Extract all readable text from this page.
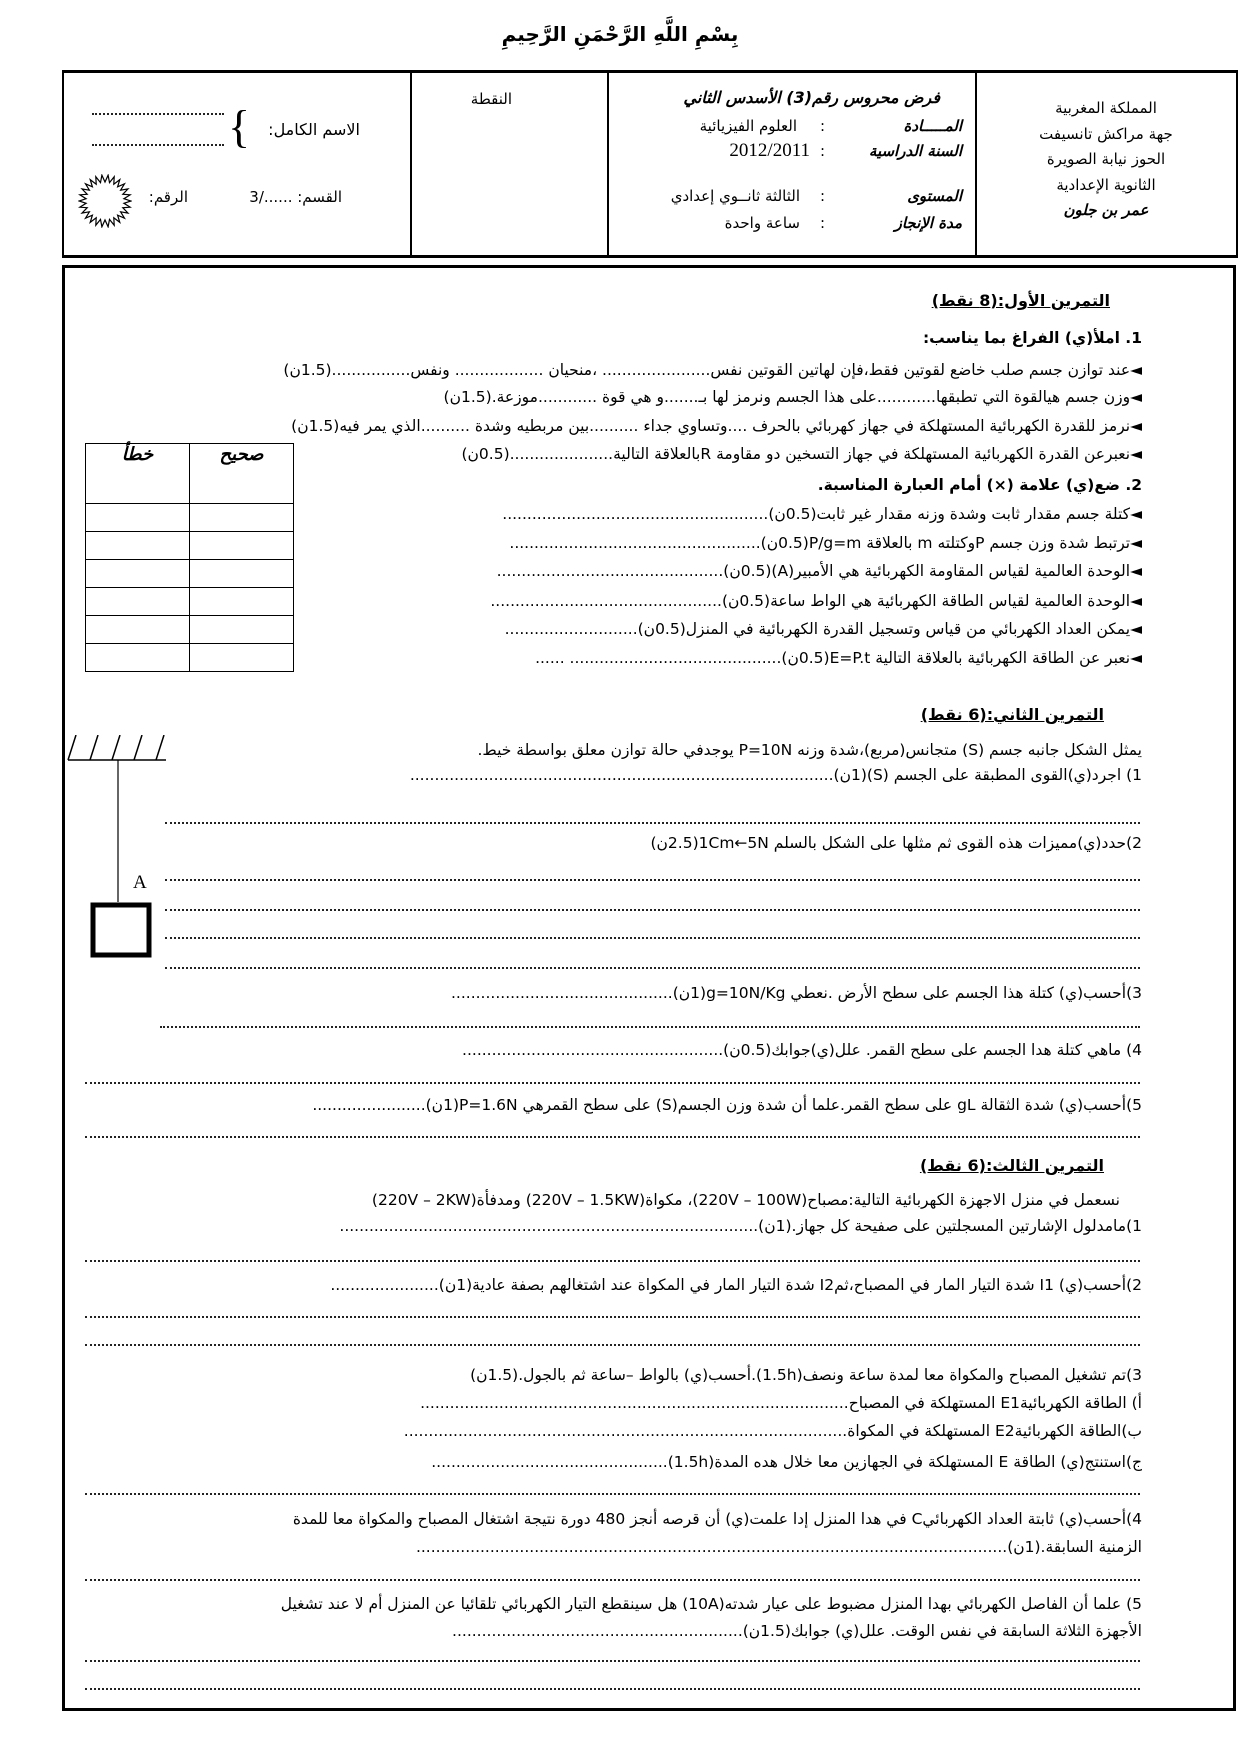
بِسْمِ اللَّهِ الرَّحْمَنِ الرَّحِيمِ
المملكة المغربية
جهة مراكش تانسيفت
الحوز نيابة الصويرة
الثانوية الإعدادية
عمر بن جلون
فرض محروس رقم(3) الأسدس الثاني
المـــــادة
:
العلوم الفيزيائية
السنة الدراسية
:
2012/2011
المستوى
:
الثالثة ثانــوي إعدادي
مدة الإنجاز
:
ساعة واحدة
النقطة
الاسم الكامل:
{
القسم: ....../3
الرقم:
التمرين الأول:(8 نقط)
1. املأ(ي) الفراغ بما يناسب:
◄عند توازن جسم صلب خاضع لقوتين فقط،فإن لهاتين القوتين نفس...................... ،منحيان .................. ونفس................(1.5ن)
◄وزن جسم هيالقوة التي تطبقها............على هذا الجسم ونرمز لها بـ.......و هي قوة ............موزعة.(1.5ن)
◄نرمز للقدرة الكهربائية المستهلكة في جهاز كهربائي بالحرف ....وتساوي جداء ..........بين مربطيه وشدة ..........الذي يمر فيه(1.5ن)
◄نعبرعن القدرة الكهربائية المستهلكة في جهاز التسخين دو مقاومة Rبالعلاقة التالية.....................(0.5ن)
2. ضع(ي) علامة (×) أمام العبارة المناسبة.
◄كتلة جسم مقدار ثابت وشدة وزنه مقدار غير ثابت(0.5ن)......................................................
◄ترتبط شدة وزن جسم Pوكتلته m بالعلاقة P/g=m(0.5ن)...................................................
◄الوحدة العالمية لقياس المقاومة الكهربائية هي الأمبير(A)(0.5ن)..............................................
◄الوحدة العالمية لقياس الطاقة الكهربائية هي الواط ساعة(0.5ن)...............................................
◄يمكن العداد الكهربائي من قياس وتسجيل القدرة الكهربائية في المنزل(0.5ن)...........................
◄نعبر عن الطاقة الكهربائية بالعلاقة التالية E=P.t(0.5ن)........................................... ......
خطأ	صحيح

التمرين الثاني:(6 نقط)
يمثل الشكل جانبه جسم (S) متجانس(مربع)،شدة وزنه P=10N يوجدفي حالة توازن معلق بواسطة خيط.
1) اجرد(ي)القوى المطبقة على الجسم (S)(1ن)......................................................................................
2)حدد(ي)مميزات هذه القوى ثم مثلها على الشكل بالسلم 1Cm←5N(2.5ن)
3)أحسب(ي) كتلة هذا الجسم على سطح الأرض .نعطي g=10N/Kg(1ن).............................................
4) ماهي كتلة هدا الجسم على سطح القمر. علل(ي)جوابك(0.5ن).....................................................
5)أحسب(ي) شدة الثقالة gL على سطح القمر.علما أن شدة وزن الجسم(S) على سطح القمرهي P=1.6N(1ن).......................
A
التمرين الثالث:(6 نقط)
نسعمل في منزل الاجهزة الكهربائية التالية:مصباح(220V – 100W)، مكواة(220V – 1.5KW) ومدفأة(220V – 2KW)
1)مامدلول الإشارتين المسجلتين على صفيحة كل جهاز.(1ن).....................................................................................
2)أحسب(ي) I1 شدة التيار المار في المصباح،ثمI2 شدة التيار المار في المكواة عند اشتغالهم بصفة عادية(1ن)......................
3)تم تشغيل المصباح والمكواة معا لمدة ساعة ونصف(1.5h).أحسب(ي) بالواط –ساعة ثم بالجول.(1.5ن)
أ) الطاقة الكهربائيةE1 المستهلكة في المصباح.......................................................................................
ب)الطاقة الكهربائيةE2 المستهلكة في المكواة..........................................................................................
ج)استنتج(ي) الطاقة E المستهلكة في الجهازين معا خلال هده المدة(1.5h)................................................
4)أحسب(ي) ثابتة العداد الكهربائيC في هدا المنزل إدا علمت(ي) أن قرصه أنجز 480 دورة نتيجة اشتغال المصباح والمكواة معا للمدة
الزمنية السابقة.(1ن)........................................................................................................................
5) علما أن الفاصل الكهربائي بهدا المنزل مضبوط على عيار شدته(10A) هل سينقطع التيار الكهربائي تلقائيا عن المنزل أم لا عند تشغيل
الأجهزة الثلاثة السابقة في نفس الوقت. علل(ي) جوابك(1.5ن)...........................................................
